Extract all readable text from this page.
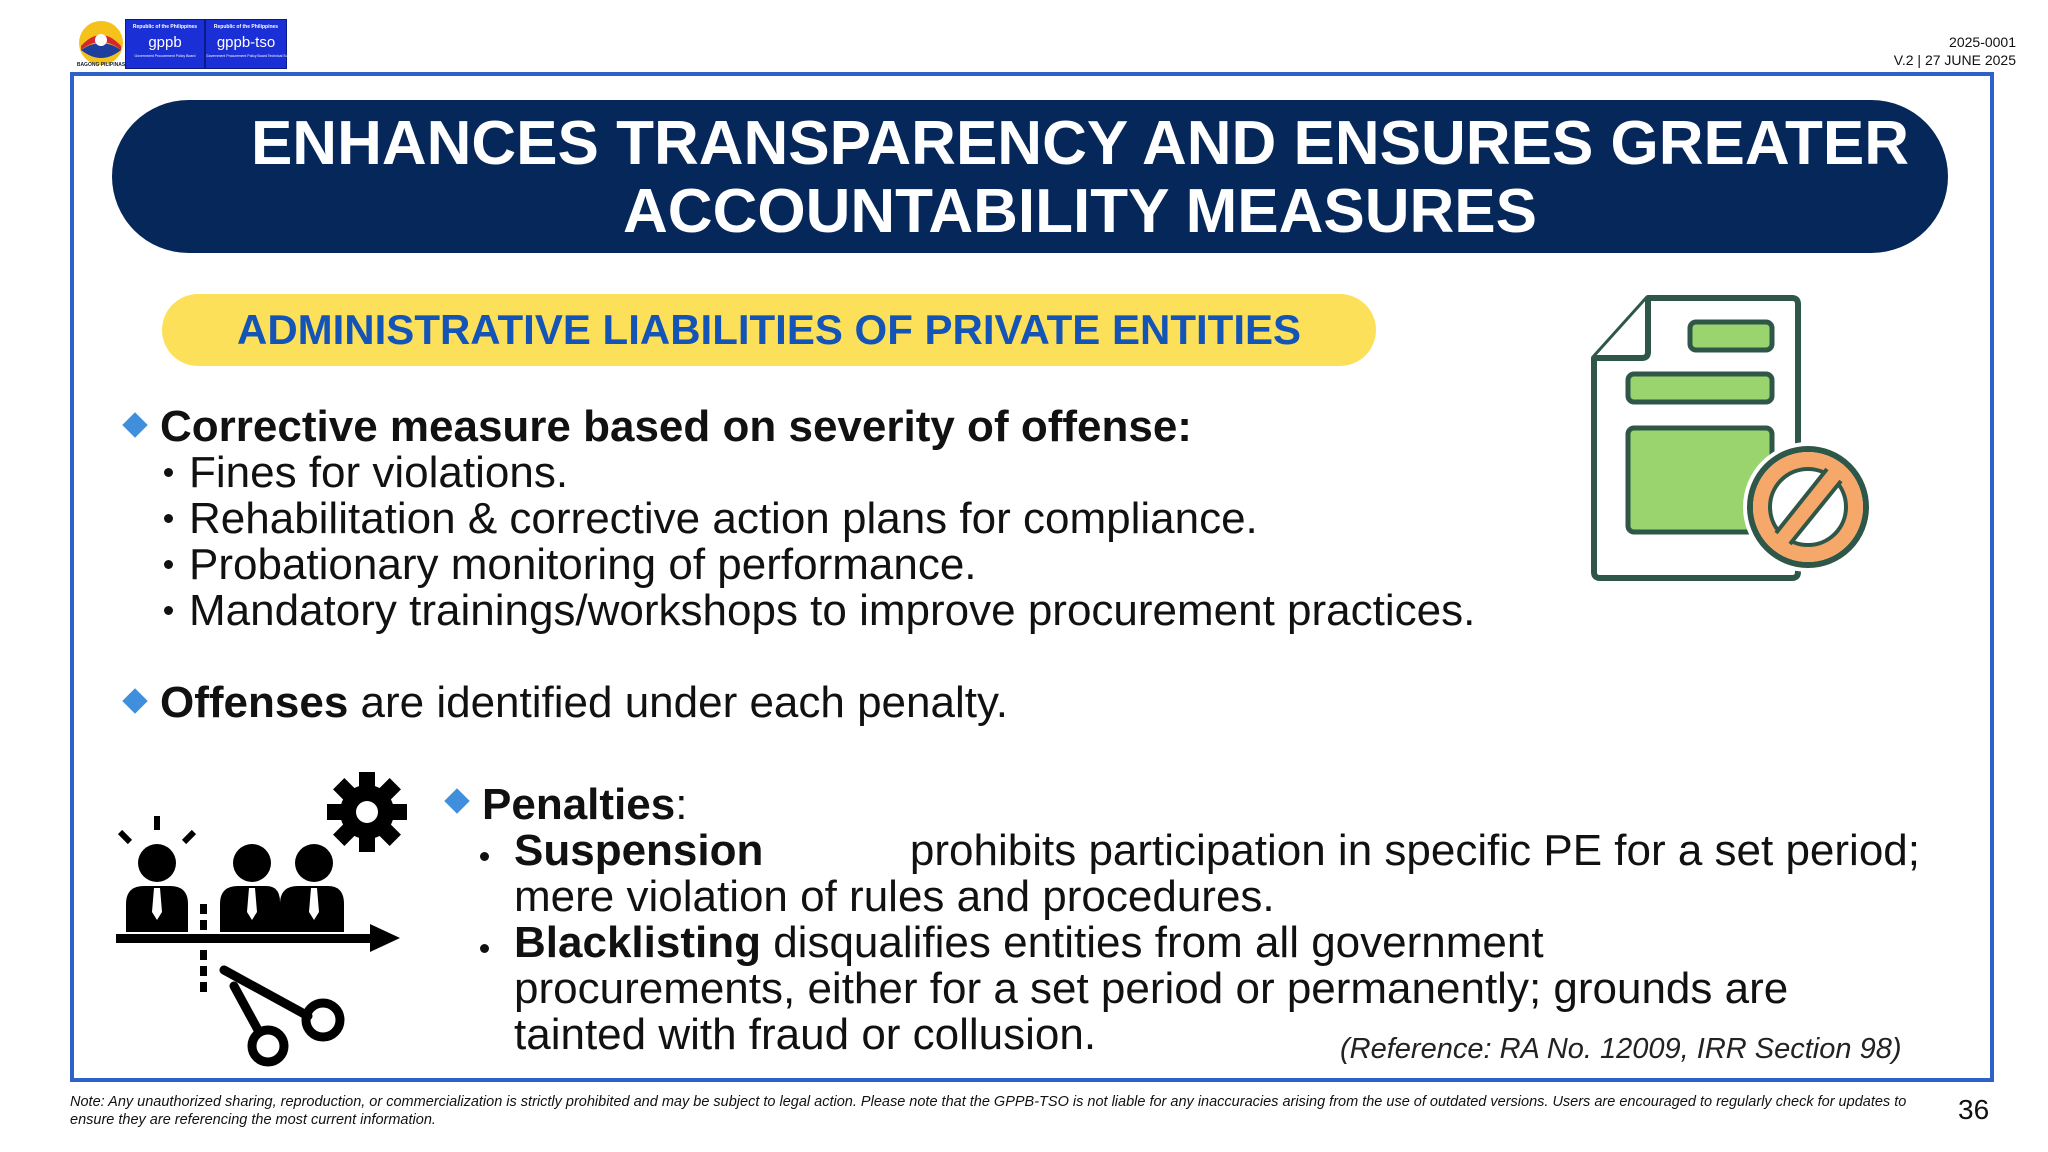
BAGONG PILIPINAS
Republic of the Philippines
gppb
Government Procurement Policy Board
Republic of the Philippines
gppb-tso
Government Procurement Policy Board Technical Support Office
2025-0001
V.2 | 27 JUNE 2025
ENHANCES TRANSPARENCY AND ENSURES GREATER
ACCOUNTABILITY MEASURES
ADMINISTRATIVE LIABILITIES OF PRIVATE ENTITIES
Corrective measure based on severity of offense:
Fines for violations.
Rehabilitation & corrective action plans for compliance.
Probationary monitoring of performance.
Mandatory trainings/workshops to improve procurement practices.
Offenses are identified under each penalty.
Penalties:
Suspension	prohibits participation in specific PE for a set period;
mere violation of rules and procedures.
Blacklisting disqualifies entities from all government
procurements, either for a set period or permanently; grounds are
tainted with fraud or collusion.	(Reference: RA No. 12009, IRR Section 98)
Note: Any unauthorized sharing, reproduction, or commercialization is strictly prohibited and may be subject to legal action. Please note that the GPPB-TSO is not liable for any inaccuracies arising from the use of outdated versions. Users are encouraged to regularly check for updates to ensure they are referencing the most current information.	36
